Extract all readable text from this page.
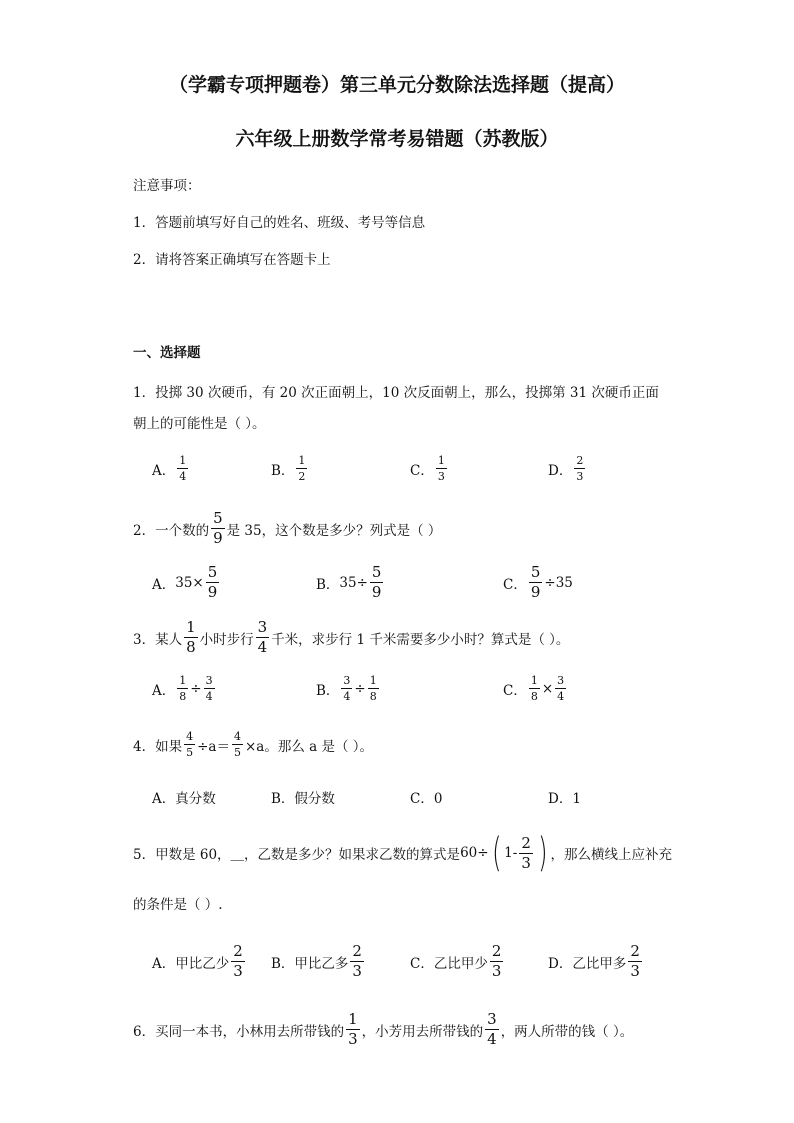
（学霸专项押题卷）第三单元分数除法选择题（提高）
六年级上册数学常考易错题（苏教版）
注意事项：
1．答题前填写好自己的姓名、班级、考号等信息
2．请将答案正确填写在答题卡上
一、选择题
1．投掷 30 次硬币，有 20 次正面朝上，10 次反面朝上，那么，投掷第 31 次硬币正面
朝上的可能性是（ ）。
A． $\frac{1}{4}$	B． $\frac{1}{2}$	C． $\frac{1}{3}$	D． $\frac{2}{3}$
2．一个数的 $\frac{5}{9}$ 是 35，这个数是多少？列式是（ ）
A． $35\times \frac{5}{9}$	B． $35\div \frac{5}{9}$	C． $\frac{5}{9} \div 35$
3．某人 $\frac{1}{8}$ 小时步行 $\frac{3}{4}$ 千米，求步行 1 千米需要多少小时？算式是（ ）。
A． $\frac{1}{8} \div \frac{3}{4}$	B． $\frac{3}{4} \div \frac{1}{8}$	C． $\frac{1}{8} \times \frac{3}{4}$
4．如果 $\frac{4}{5} \div a= \frac{4}{5} \times a$。那么 a 是（ ）。
A．真分数	B．假分数	C．0	D．1
5．甲数是 60，＿，乙数是多少？如果求乙数的算式是 60÷ ( $1- \frac{2}{3}$ ) ，那么横线上应补充
的条件是（ ）.
A．甲比乙少 $\frac{2}{3}$ B．甲比乙多 $\frac{2}{3}$	C．乙比甲少 $\frac{2}{3}$	D．乙比甲多 $\frac{2}{3}$
6．买同一本书，小林用去所带钱的 $\frac{1}{3}$ ，小芳用去所带钱的 $\frac{3}{4}$ ，两人所带的钱（ ）。
